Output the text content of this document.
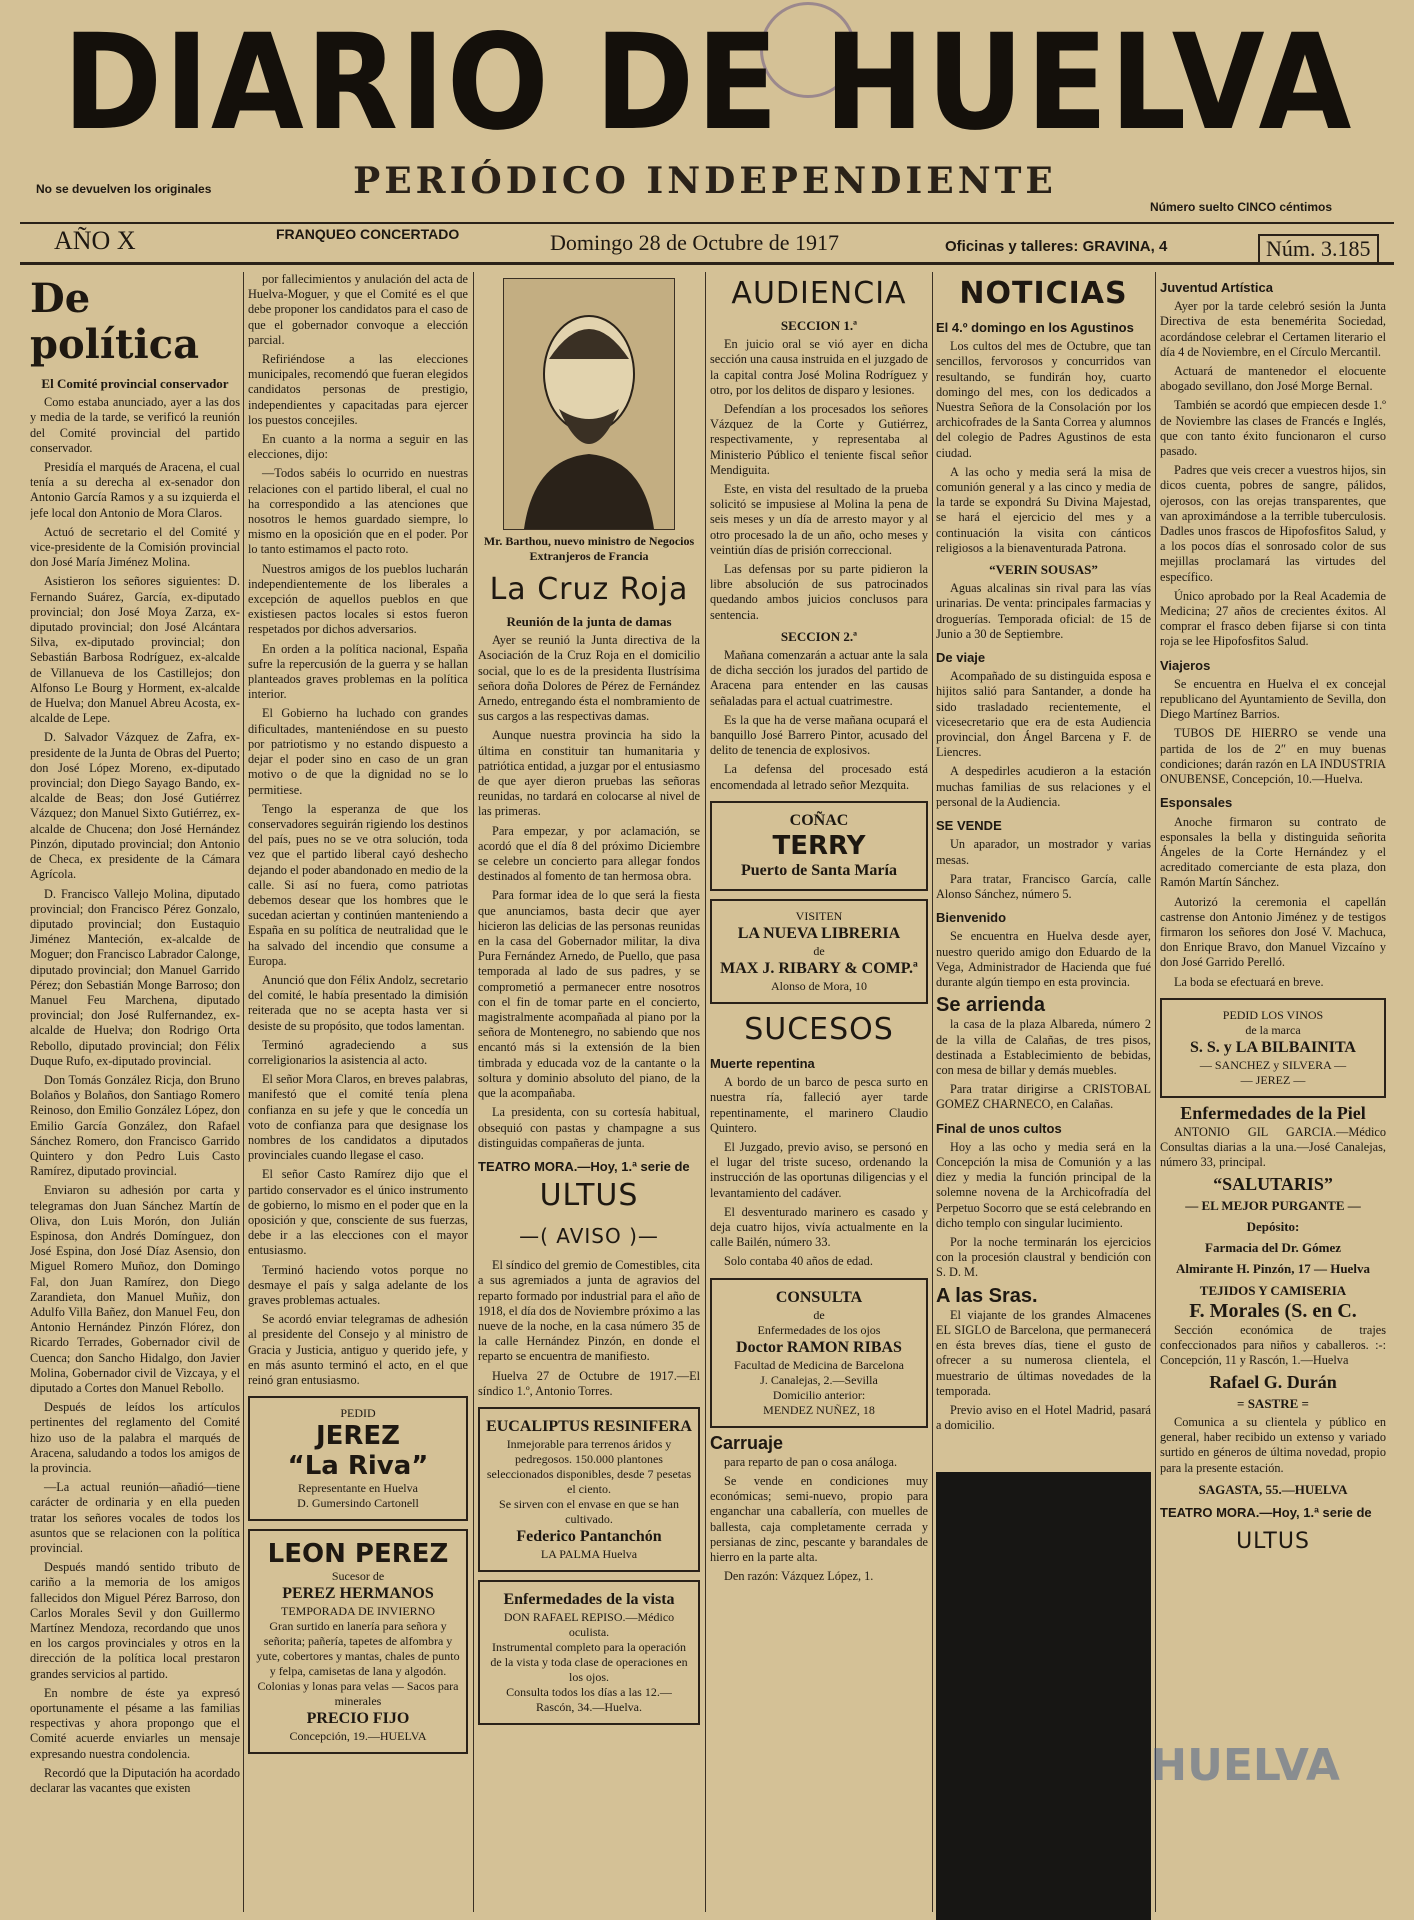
DIARIO DE HUELVA
No se devuelven los originales	PERIÓDICO INDEPENDIENTE
Número suelto CINCO céntimos
AÑO X	FRANQUEO CONCERTADO	Domingo 28 de Octubre de 1917	Oficinas y talleres: GRAVINA, 4	Núm. 3.185
De política
El Comité provincial conservador

Como estaba anunciado, ayer a las dos y media de la tarde, se verificó la reunión del Comité provincial del partido conservador.

Presidía el marqués de Aracena, el cual tenía a su derecha al ex-senador don Antonio García Ramos y a su izquierda el jefe local don Antonio de Mora Claros.

Actuó de secretario el del Comité y vice-presidente de la Comisión provincial don José María Jiménez Molina.

Asistieron los señores siguientes: D. Fernando Suárez, García, ex-diputado provincial; don José Moya Zarza, ex-diputado provincial; don José Alcántara Silva, ex-diputado provincial; don Sebastián Barbosa Rodríguez, ex-alcalde de Villanueva de los Castillejos; don Alfonso Le Bourg y Horment, ex-alcalde de Huelva; don Manuel Abreu Acosta, ex-alcalde de Lepe.

D. Salvador Vázquez de Zafra, ex-presidente de la Junta de Obras del Puerto; don José López Moreno, ex-diputado provincial; don Diego Sayago Bando, ex-alcalde de Beas; don José Gutiérrez Vázquez; don Manuel Sixto Gutiérrez, ex-alcalde de Chucena; don José Hernández Pinzón, diputado provincial; don Antonio de Checa, ex presidente de la Cámara Agrícola.

D. Francisco Vallejo Molina, diputado provincial; don Francisco Pérez Gonzalo, diputado provincial; don Eustaquio Jiménez Manteción, ex-alcalde de Moguer; don Francisco Labrador Calonge, diputado provincial; don Manuel Garrido Pérez; don Sebastián Monge Barroso; don Manuel Feu Marchena, diputado provincial; don José Rulfernandez, ex-alcalde de Huelva; don Rodrigo Orta Rebollo, diputado provincial; don Félix Duque Rufo, ex-diputado provincial.

Don Tomás González Ricja, don Bruno Bolaños y Bolaños, don Santiago Romero Reinoso, don Emilio González López, don Emilio García González, don Rafael Sánchez Romero, don Francisco Garrido Quintero y don Pedro Luis Casto Ramírez, diputado provincial.

Enviaron su adhesión por carta y telegramas don Juan Sánchez Martín de Oliva, don Luis Morón, don Julián Espinosa, don Andrés Domínguez, don José Espina, don José Díaz Asensio, don Miguel Romero Muñoz, don Domingo Fal, don Juan Ramírez, don Diego Zarandieta, don Manuel Muñiz, don Adulfo Villa Bañez, don Manuel Feu, don Antonio Hernández Pinzón Flórez, don Ricardo Terrades, Gobernador civil de Cuenca; don Sancho Hidalgo, don Javier Molina, Gobernador civil de Vizcaya, y el diputado a Cortes don Manuel Rebollo.

Después de leídos los artículos pertinentes del reglamento del Comité hizo uso de la palabra el marqués de Aracena, saludando a todos los amigos de la provincia.

—La actual reunión—añadió—tiene carácter de ordinaria y en ella pueden tratar los señores vocales de todos los asuntos que se relacionen con la política provincial.

Después mandó sentido tributo de cariño a la memoria de los amigos fallecidos don Miguel Pérez Barroso, don Carlos Morales Sevil y don Guillermo Martínez Mendoza, recordando que unos en los cargos provinciales y otros en la dirección de la política local prestaron grandes servicios al partido.

En nombre de éste ya expresó oportunamente el pésame a las familias respectivas y ahora propongo que el Comité acuerde enviarles un mensaje expresando nuestra condolencia.

Recordó que la Diputación ha acordado declarar las vacantes que existen

por fallecimientos y anulación del acta de Huelva-Moguer, y que el Comité es el que debe proponer los candidatos para el caso de que el gobernador convoque a elección parcial.

Refiriéndose a las elecciones municipales, recomendó que fueran elegidos candidatos personas de prestigio, independientes y capacitadas para ejercer los puestos concejiles.

En cuanto a la norma a seguir en las elecciones, dijo:

—Todos sabéis lo ocurrido en nuestras relaciones con el partido liberal, el cual no ha correspondido a las atenciones que nosotros le hemos guardado siempre, lo mismo en la oposición que en el poder. Por lo tanto estimamos el pacto roto.

Nuestros amigos de los pueblos lucharán independientemente de los liberales a excepción de aquellos pueblos en que existiesen pactos locales si estos fueron respetados por dichos adversarios.

En orden a la política nacional, España sufre la repercusión de la guerra y se hallan planteados graves problemas en la política interior.

El Gobierno ha luchado con grandes dificultades, manteniéndose en su puesto por patriotismo y no estando dispuesto a dejar el poder sino en caso de un gran motivo o de que la dignidad no se lo permitiese.

Tengo la esperanza de que los conservadores seguirán rigiendo los destinos del país, pues no se ve otra solución, toda vez que el partido liberal cayó deshecho dejando el poder abandonado en medio de la calle. Si así no fuera, como patriotas debemos desear que los hombres que le sucedan aciertan y continúen manteniendo a España en su política de neutralidad que le ha salvado del incendio que consume a Europa.

Anunció que don Félix Andolz, secretario del comité, le había presentado la dimisión reiterada que no se acepta hasta ver si desiste de su propósito, que todos lamentan.

Terminó agradeciendo a sus correligionarios la asistencia al acto.

El señor Mora Claros, en breves palabras, manifestó que el comité tenía plena confianza en su jefe y que le concedía un voto de confianza para que designase los nombres de los candidatos a diputados provinciales cuando llegase el caso.

El señor Casto Ramírez dijo que el partido conservador es el único instrumento de gobierno, lo mismo en el poder que en la oposición y que, consciente de sus fuerzas, debe ir a las elecciones con el mayor entusiasmo.

Terminó haciendo votos porque no desmaye el país y salga adelante de los graves problemas actuales.

Se acordó enviar telegramas de adhesión al presidente del Consejo y al ministro de Gracia y Justicia, antiguo y querido jefe, y en más asunto terminó el acto, en el que reinó gran entusiasmo.

PEDID
JEREZ
“La Riva”
Representante en Huelva
D. Gumersindo Cartonell
LEON PEREZ
Sucesor de
PEREZ HERMANOS
TEMPORADA DE INVIERNO
Gran surtido en lanería para señora y señorita; pañería, tapetes de alfombra y yute, cobertores y mantas, chales de punto y felpa, camisetas de lana y algodón.
Colonias y lonas para velas — Sacos para minerales
PRECIO FIJO
Concepción, 19.—HUELVA
Mr. Barthou, nuevo ministro de Negocios Extranjeros de Francia
La Cruz Roja
Reunión de la junta de damas

Ayer se reunió la Junta directiva de la Asociación de la Cruz Roja en el domicilio social, que lo es de la presidenta Ilustrísima señora doña Dolores de Pérez de Fernández Arnedo, entregando ésta el nombramiento de sus cargos a las respectivas damas.

Aunque nuestra provincia ha sido la última en constituir tan humanitaria y patriótica entidad, a juzgar por el entusiasmo de que ayer dieron pruebas las señoras reunidas, no tardará en colocarse al nivel de las primeras.

Para empezar, y por aclamación, se acordó que el día 8 del próximo Diciembre se celebre un concierto para allegar fondos destinados al fomento de tan hermosa obra.

Para formar idea de lo que será la fiesta que anunciamos, basta decir que ayer hicieron las delicias de las personas reunidas en la casa del Gobernador militar, la diva Pura Fernández Arnedo, de Puello, que pasa temporada al lado de sus padres, y se comprometió a permanecer entre nosotros con el fin de tomar parte en el concierto, magistralmente acompañada al piano por la señora de Montenegro, no sabiendo que nos encantó más si la extensión de la bien timbrada y educada voz de la cantante o la soltura y dominio absoluto del piano, de la que la acompañaba.

La presidenta, con su cortesía habitual, obsequió con pastas y champagne a sus distinguidas compañeras de junta.

TEATRO MORA.—Hoy, 1.ª serie de
ULTUS
—( AVISO )—

El síndico del gremio de Comestibles, cita a sus agremiados a junta de agravios del reparto formado por industrial para el año de 1918, el día dos de Noviembre próximo a las nueve de la noche, en la casa número 35 de la calle Hernández Pinzón, en donde el reparto se encuentra de manifiesto.

Huelva 27 de Octubre de 1917.—El síndico 1.º, Antonio Torres.

EUCALIPTUS RESINIFERA
Inmejorable para terrenos áridos y pedregosos. 150.000 plantones seleccionados disponibles, desde 7 pesetas el ciento.
Se sirven con el envase en que se han cultivado.
Federico Pantanchón
LA PALMA Huelva
Enfermedades de la vista
DON RAFAEL REPISO.—Médico oculista.
Instrumental completo para la operación de la vista y toda clase de operaciones en los ojos.
Consulta todos los días a las 12.— Rascón, 34.—Huelva.
AUDIENCIA
SECCION 1.ª

En juicio oral se vió ayer en dicha sección una causa instruida en el juzgado de la capital contra José Molina Rodríguez y otro, por los delitos de disparo y lesiones.

Defendían a los procesados los señores Vázquez de la Corte y Gutiérrez, respectivamente, y representaba al Ministerio Público el teniente fiscal señor Mendiguita.

Este, en vista del resultado de la prueba solicitó se impusiese al Molina la pena de seis meses y un día de arresto mayor y al otro procesado la de un año, ocho meses y veintiún días de prisión correccional.

Las defensas por su parte pidieron la libre absolución de sus patrocinados quedando ambos juicios conclusos para sentencia.

SECCION 2.ª

Mañana comenzarán a actuar ante la sala de dicha sección los jurados del partido de Aracena para entender en las causas señaladas para el actual cuatrimestre.

Es la que ha de verse mañana ocupará el banquillo José Barrero Pintor, acusado del delito de tenencia de explosivos.

La defensa del procesado está encomendada al letrado señor Mezquita.

COÑAC
TERRY
Puerto de Santa María
VISITEN
LA NUEVA LIBRERIA
de
MAX J. RIBARY & COMP.ª
Alonso de Mora, 10
SUCESOS
Muerte repentina

A bordo de un barco de pesca surto en nuestra ría, falleció ayer tarde repentinamente, el marinero Claudio Quintero.

El Juzgado, previo aviso, se personó en el lugar del triste suceso, ordenando la instrucción de las oportunas diligencias y el levantamiento del cadáver.

El desventurado marinero es casado y deja cuatro hijos, vivía actualmente en la calle Bailén, número 33.

Solo contaba 40 años de edad.

CONSULTA
de
Enfermedades de los ojos
Doctor RAMON RIBAS
Facultad de Medicina de Barcelona
J. Canalejas, 2.—Sevilla
Domicilio anterior:
MENDEZ NUÑEZ, 18
Carruaje

para reparto de pan o cosa análoga.

Se vende en condiciones muy económicas; semi-nuevo, propio para enganchar una caballería, con muelles de ballesta, caja completamente cerrada y persianas de zinc, pescante y barandales de hierro en la parte alta.

Den razón: Vázquez López, 1.

NOTICIAS
El 4.º domingo en los Agustinos

Los cultos del mes de Octubre, que tan sencillos, fervorosos y concurridos van resultando, se fundirán hoy, cuarto domingo del mes, con los dedicados a Nuestra Señora de la Consolación por los archicofrades de la Santa Correa y alumnos del colegio de Padres Agustinos de esta ciudad.

A las ocho y media será la misa de comunión general y a las cinco y media de la tarde se expondrá Su Divina Majestad, se hará el ejercicio del mes y a continuación la visita con cánticos religiosos a la bienaventurada Patrona.

“VERIN SOUSAS”

Aguas alcalinas sin rival para las vías urinarias. De venta: principales farmacias y droguerías. Temporada oficial: de 15 de Junio a 30 de Septiembre.

De viaje

Acompañado de su distinguida esposa e hijitos salió para Santander, a donde ha sido trasladado recientemente, el vicesecretario que era de esta Audiencia provincial, don Ángel Barcena y F. de Liencres.

A despedirles acudieron a la estación muchas familias de sus relaciones y el personal de la Audiencia.

SE VENDE

Un aparador, un mostrador y varias mesas.

Para tratar, Francisco García, calle Alonso Sánchez, número 5.

Bienvenido

Se encuentra en Huelva desde ayer, nuestro querido amigo don Eduardo de la Vega, Administrador de Hacienda que fué durante algún tiempo en esta provincia.

Se arrienda

la casa de la plaza Albareda, número 2 de la villa de Calañas, de tres pisos, destinada a Establecimiento de bebidas, con mesa de billar y demás muebles.

Para tratar dirigirse a CRISTOBAL GOMEZ CHARNECO, en Calañas.

Final de unos cultos

Hoy a las ocho y media será en la Concepción la misa de Comunión y a las diez y media la función principal de la solemne novena de la Archicofradía del Perpetuo Socorro que se está celebrando en dicho templo con singular lucimiento.

Por la noche terminarán los ejercicios con la procesión claustral y bendición con S. D. M.

A las Sras.

El viajante de los grandes Almacenes EL SIGLO de Barcelona, que permanecerá en ésta breves días, tiene el gusto de ofrecer a su numerosa clientela, el muestrario de últimas novedades de la temporada.

Previo aviso en el Hotel Madrid, pasará a domicilio.

Juventud Artística

Ayer por la tarde celebró sesión la Junta Directiva de esta benemérita Sociedad, acordándose celebrar el Certamen literario el día 4 de Noviembre, en el Círculo Mercantil.

Actuará de mantenedor el elocuente abogado sevillano, don José Morge Bernal.

También se acordó que empiecen desde 1.º de Noviembre las clases de Francés e Inglés, que con tanto éxito funcionaron el curso pasado.

Padres que veis crecer a vuestros hijos, sin dicos cuenta, pobres de sangre, pálidos, ojerosos, con las orejas transparentes, que van aproximándose a la terrible tuberculosis. Dadles unos frascos de Hipofosfitos Salud, y a los pocos días el sonrosado color de sus mejillas proclamará las virtudes del específico.

Único aprobado por la Real Academia de Medicina; 27 años de crecientes éxitos. Al comprar el frasco deben fijarse si con tinta roja se lee Hipofosfitos Salud.

Viajeros

Se encuentra en Huelva el ex concejal republicano del Ayuntamiento de Sevilla, don Diego Martínez Barrios.

TUBOS DE HIERRO se vende una partida de los de 2″ en muy buenas condiciones; darán razón en LA INDUSTRIA ONUBENSE, Concepción, 10.—Huelva.

Esponsales

Anoche firmaron su contrato de esponsales la bella y distinguida señorita Ángeles de la Corte Hernández y el acreditado comerciante de esta plaza, don Ramón Martín Sánchez.

Autorizó la ceremonia el capellán castrense don Antonio Jiménez y de testigos firmaron los señores don José V. Machuca, don Enrique Bravo, don Manuel Vizcaíno y don José Garrido Perelló.

La boda se efectuará en breve.

PEDID LOS VINOS
de la marca
S. S. y LA BILBAINITA
— SANCHEZ y SILVERA —
— JEREZ —
Enfermedades de la Piel

ANTONIO GIL GARCIA.—Médico Consultas diarias a la una.—José Canalejas, número 33, principal.

“SALUTARIS”
— EL MEJOR PURGANTE —
Depósito:
Farmacia del Dr. Gómez
Almirante H. Pinzón, 17 — Huelva
TEJIDOS Y CAMISERIA
F. Morales (S. en C.

Sección económica de trajes confeccionados para niños y caballeros. :-: Concepción, 11 y Rascón, 1.—Huelva

Rafael G. Durán
= SASTRE =

Comunica a su clientela y público en general, haber recibido un extenso y variado surtido en géneros de última novedad, propio para la presente estación.

SAGASTA, 55.—HUELVA
TEATRO MORA.—Hoy, 1.ª serie de
ULTUS
HUELVA
